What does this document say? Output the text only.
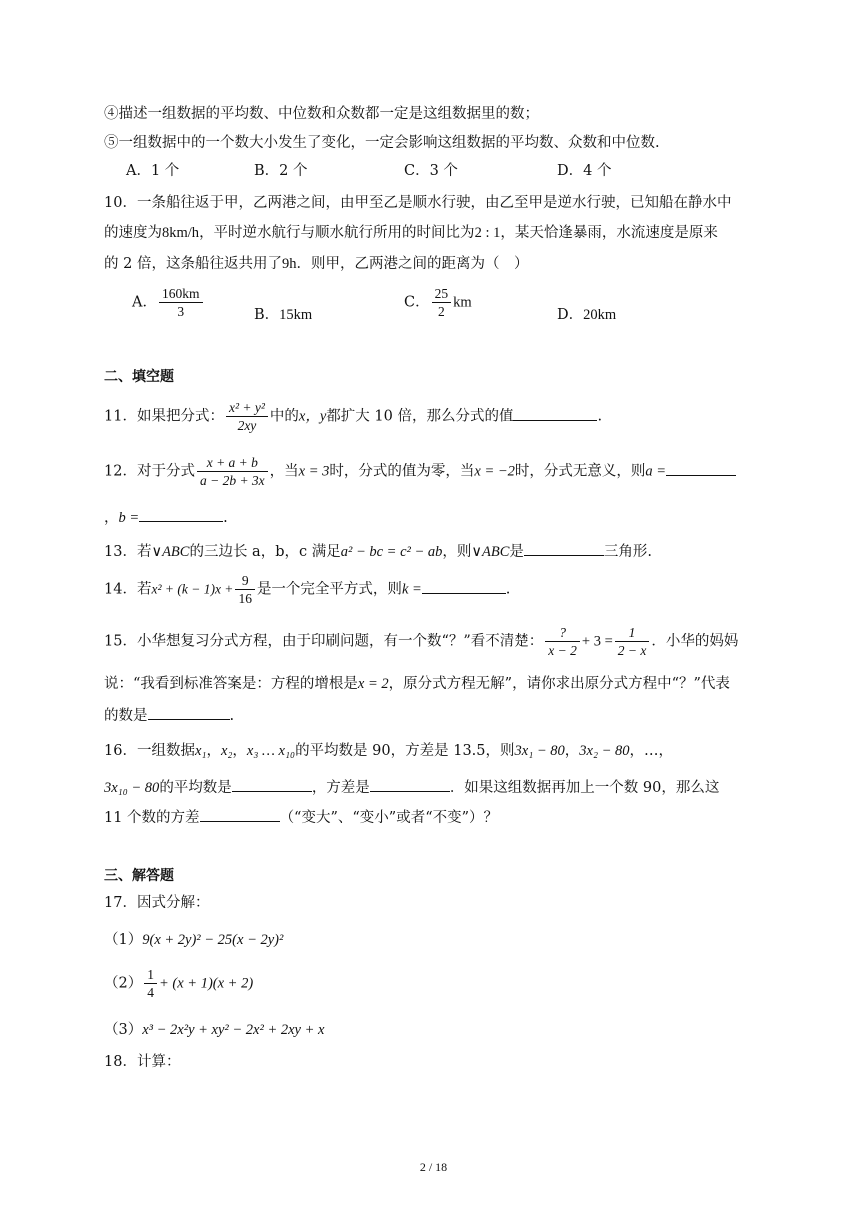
④描述一组数据的平均数、中位数和众数都一定是这组数据里的数；
⑤一组数据中的一个数大小发生了变化，一定会影响这组数据的平均数、众数和中位数.
A．1 个	B．2 个	C．3 个	D．4 个
10．一条船往返于甲，乙两港之间，由甲至乙是顺水行驶，由乙至甲是逆水行驶，已知船在静水中
的速度为8km/h，平时逆水航行与顺水航行所用的时间比为2 : 1，某天恰逢暴雨，水流速度是原来
的 2 倍，这条船往返共用了9h．则甲，乙两港之间的距离为（　）
A． $\frac{160km}{3}$	B．15km
C． $\frac{25}{2}$ km
D．20km
二、填空题
11．如果把分式： $\frac{\text{x² + y²}}{2xy}$ 中的x，y都扩大 10 倍，那么分式的值	.
12．对于分式 $\frac{x + a + b}{a - 2b + 3x}$ ，当x = 3时，分式的值为零，当x = −2时，分式无意义，则a =
，b =	.
13．若∨ABC的三边长 a，b，c 满足a² − bc = c² − ab，则∨ABC是	三角形.
14．若$x^2 + (k - 1)x + \frac{9}{16}$ 是一个完全平方式，则k =	.
15．小华想复习分式方程，由于印刷问题，有一个数“？”看不清楚： $\frac{?}{x - 2} + 3 = \frac{1}{2 - x}$ ．小华的妈妈
说：“我看到标准答案是：方程的增根是x = 2，原分式方程无解”，请你求出原分式方程中“？”代表
的数是	.
16．一组数据x₁，x₂，x₃ … x₁₀的平均数是 90，方差是 13.5，则3x₁ − 80，3x₂ − 80，…，
3x₁₀ − 80的平均数是	，方差是	．如果这组数据再加上一个数 90，那么这
11 个数的方差	（“变大”、“变小”或者“不变”）？
三、解答题
17．因式分解：
（1）9(x + 2y)² − 25(x − 2y)²
$(2) \frac{1}{4} + (x + 1)(x + 2)$
（3）x³ − 2x²y + xy² − 2x² + 2xy + x
18．计算：
2 / 18
